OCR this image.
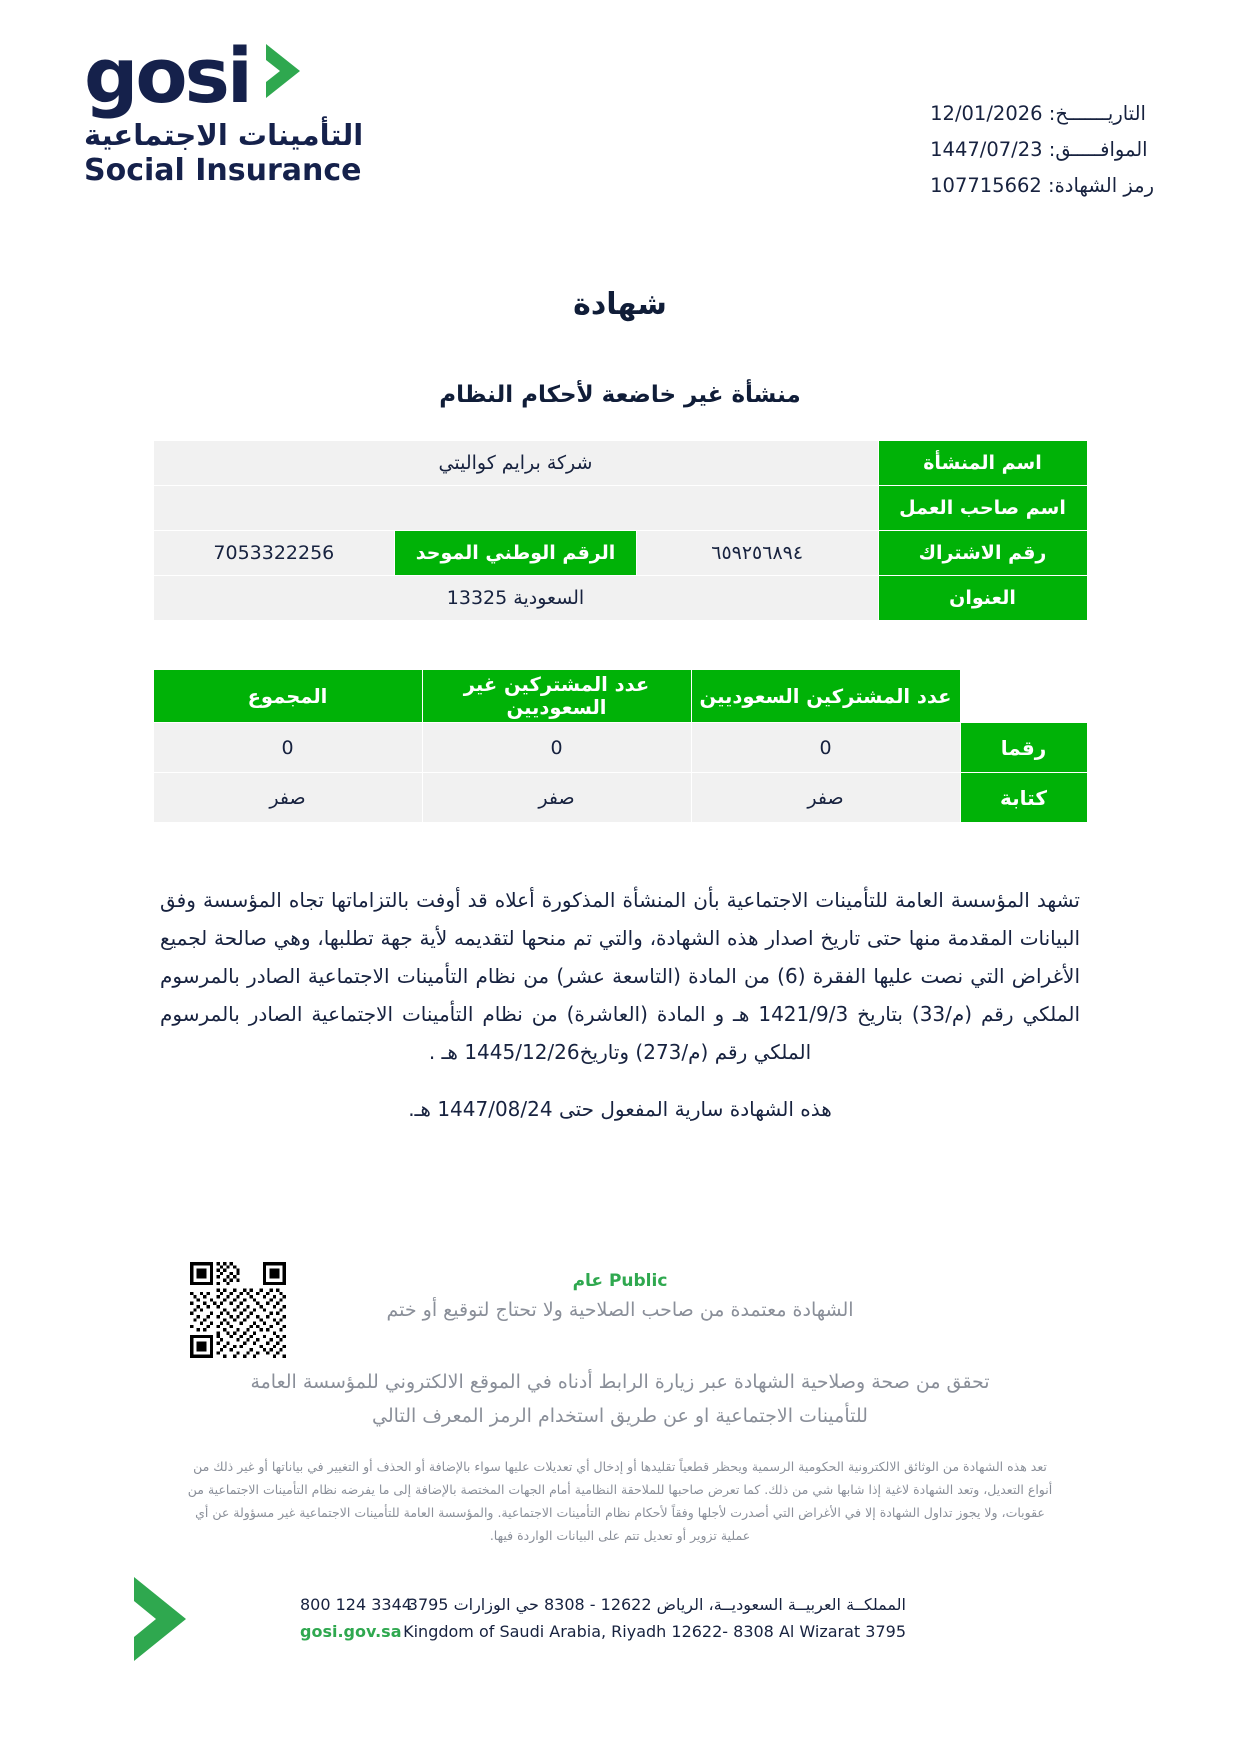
gosi
التأمينات الاجتماعية
Social Insurance
التاريـــــــخ: 12/01/2026
الموافـــــق: 1447/07/23
رمز الشهادة: 107715662
شهادة
منشأة غير خاضعة لأحكام النظام
اسم المنشأة	شركة برايم كواليتي		
اسم صاحب العمل			
رقم الاشتراك	٦٥٩٢٥٦٨٩٤	الرقم الوطني الموحد	7053322256
العنوان	السعودية 13325		
	عدد المشتركين السعوديين	عدد المشتركين غير السعوديين	المجموع
رقما	0	0	0
كتابة	صفر	صفر	صفر
تشهد المؤسسة العامة للتأمينات الاجتماعية بأن المنشأة المذكورة أعلاه قد أوفت بالتزاماتها تجاه المؤسسة وفق البيانات المقدمة منها حتى تاريخ اصدار هذه الشهادة، والتي تم منحها لتقديمه لأية جهة تطلبها، وهي صالحة لجميع الأغراض التي نصت عليها الفقرة (6) من المادة (التاسعة عشر) من نظام التأمينات الاجتماعية الصادر بالمرسوم الملكي رقم (م/33) بتاريخ 1421/9/3 هـ و المادة (العاشرة) من نظام التأمينات الاجتماعية الصادر بالمرسوم الملكي رقم (م/273) وتاريخ1445/12/26 هـ .
هذه الشهادة سارية المفعول حتى 1447/08/24 هـ.
Public عام
الشهادة معتمدة من صاحب الصلاحية ولا تحتاج لتوقيع أو ختم
تحقق من صحة وصلاحية الشهادة عبر زيارة الرابط أدناه في الموقع الالكتروني للمؤسسة العامة للتأمينات الاجتماعية او عن طريق استخدام الرمز المعرف التالي
تعد هذه الشهادة من الوثائق الالكترونية الحكومية الرسمية ويحظر قطعياً تقليدها أو إدخال أي تعديلات عليها سواء بالإضافة أو الحذف أو التغيير في بياناتها أو غير ذلك من أنواع التعديل، وتعد الشهادة لاغية إذا شابها شي من ذلك. كما تعرض صاحبها للملاحقة النظامية أمام الجهات المختصة بالإضافة إلى ما يفرضه نظام التأمينات الاجتماعية من عقوبات، ولا يجوز تداول الشهادة إلا في الأغراض التي أصدرت لأجلها وفقاً لأحكام نظام التأمينات الاجتماعية. والمؤسسة العامة للتأمينات الاجتماعية غير مسؤولة عن أي عملية تزوير أو تعديل تتم على البيانات الواردة فيها.
المملكــة العربيــة السعوديــة، الرياض 12622 - 8308 حي الوزارات 3795
Kingdom of Saudi Arabia, Riyadh 12622- 8308 Al Wizarat 3795
800 124 3344
gosi.gov.sa
